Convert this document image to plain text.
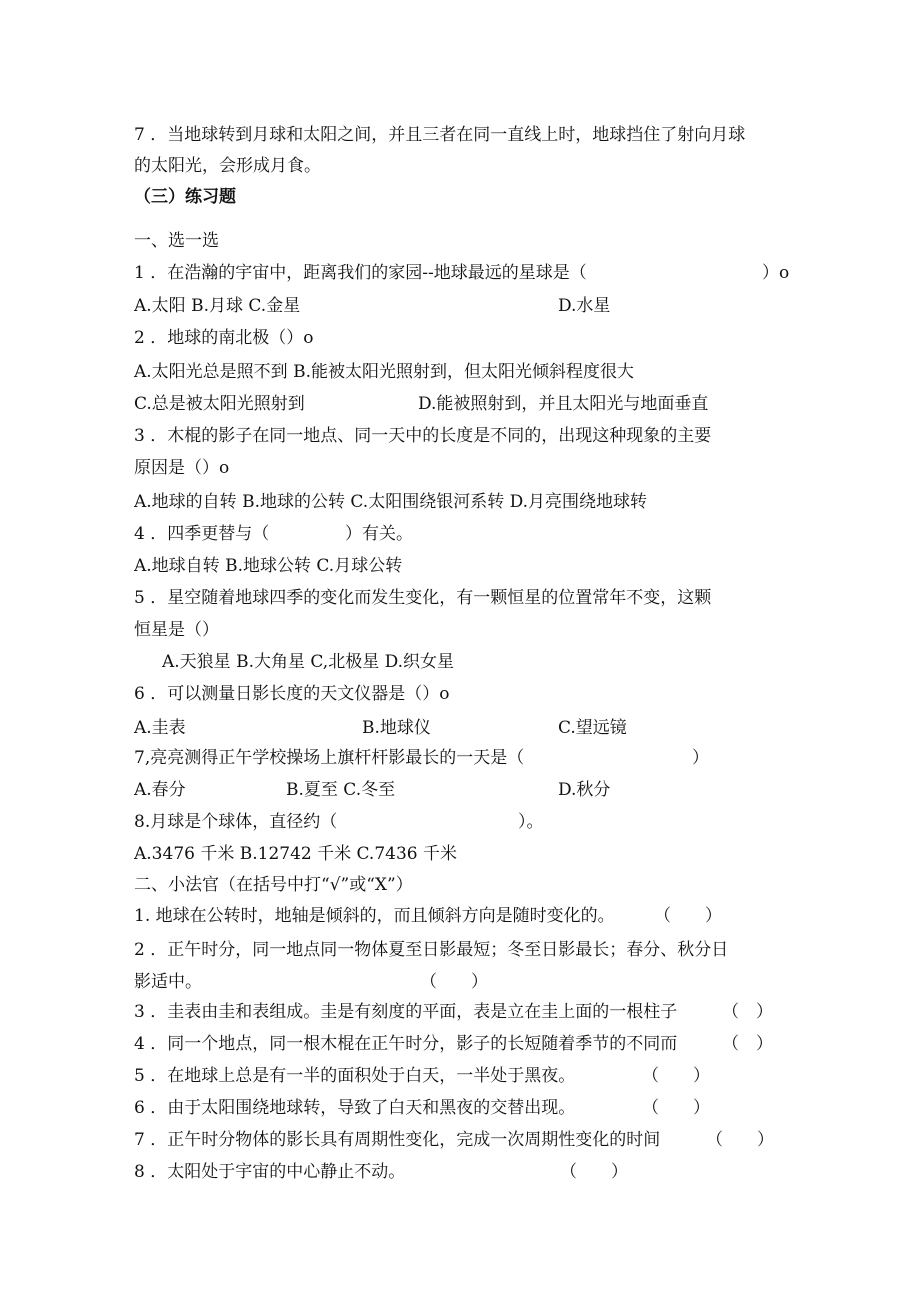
7 ．当地球转到月球和太阳之间，并且三者在同一直线上时，地球挡住了射向月球
的太阳光，会形成月食。
（三）练习题
一、选一选
1 ．在浩瀚的宇宙中，距离我们的家园--地球最远的星球是（	）o
A.太阳 B.月球 C.金星	D.水星
2 ．地球的南北极（）o
A.太阳光总是照不到 B.能被太阳光照射到，但太阳光倾斜程度很大
C.总是被太阳光照射到	D.能被照射到，并且太阳光与地面垂直
3 ．木棍的影子在同一地点、同一天中的长度是不同的，出现这种现象的主要
原因是（）o
A.地球的自转 B.地球的公转 C.太阳围绕银河系转 D.月亮围绕地球转
4 ．四季更替与（	）有关。
A.地球自转 B.地球公转 C.月球公转
5 ．星空随着地球四季的变化而发生变化，有一颗恒星的位置常年不变，这颗
恒星是（）
A.天狼星 B.大角星 C,北极星 D.织女星
6 ．可以测量日影长度的天文仪器是（）o
A.圭表	B.地球仪	C.望远镜
7,亮亮测得正午学校操场上旗杆杆影最长的一天是（	）
A.春分	B.夏至 C.冬至	D.秋分
8.月球是个球体，直径约（	）。
A.3476 千米 B.12742 千米 C.7436 千米
二、小法官（在括号中打“√”或“X”）
1. 地球在公转时，地轴是倾斜的，而且倾斜方向是随时变化的。 （　　）
2 ．正午时分，同一地点同一物体夏至日影最短；冬至日影最长；春分、秋分日
影适中。	（　　）
3 ．圭表由圭和表组成。圭是有刻度的平面，表是立在圭上面的一根柱子	（　）
4 ．同一个地点，同一根木棍在正午时分，影子的长短随着季节的不同而	（　）
5 ．在地球上总是有一半的面积处于白天，一半处于黑夜。	（　　）
6 ．由于太阳围绕地球转，导致了白天和黑夜的交替出现。	（　　）
7 ．正午时分物体的影长具有周期性变化，完成一次周期性变化的时间	（　　）
8 ．太阳处于宇宙的中心静止不动。	（　　）
